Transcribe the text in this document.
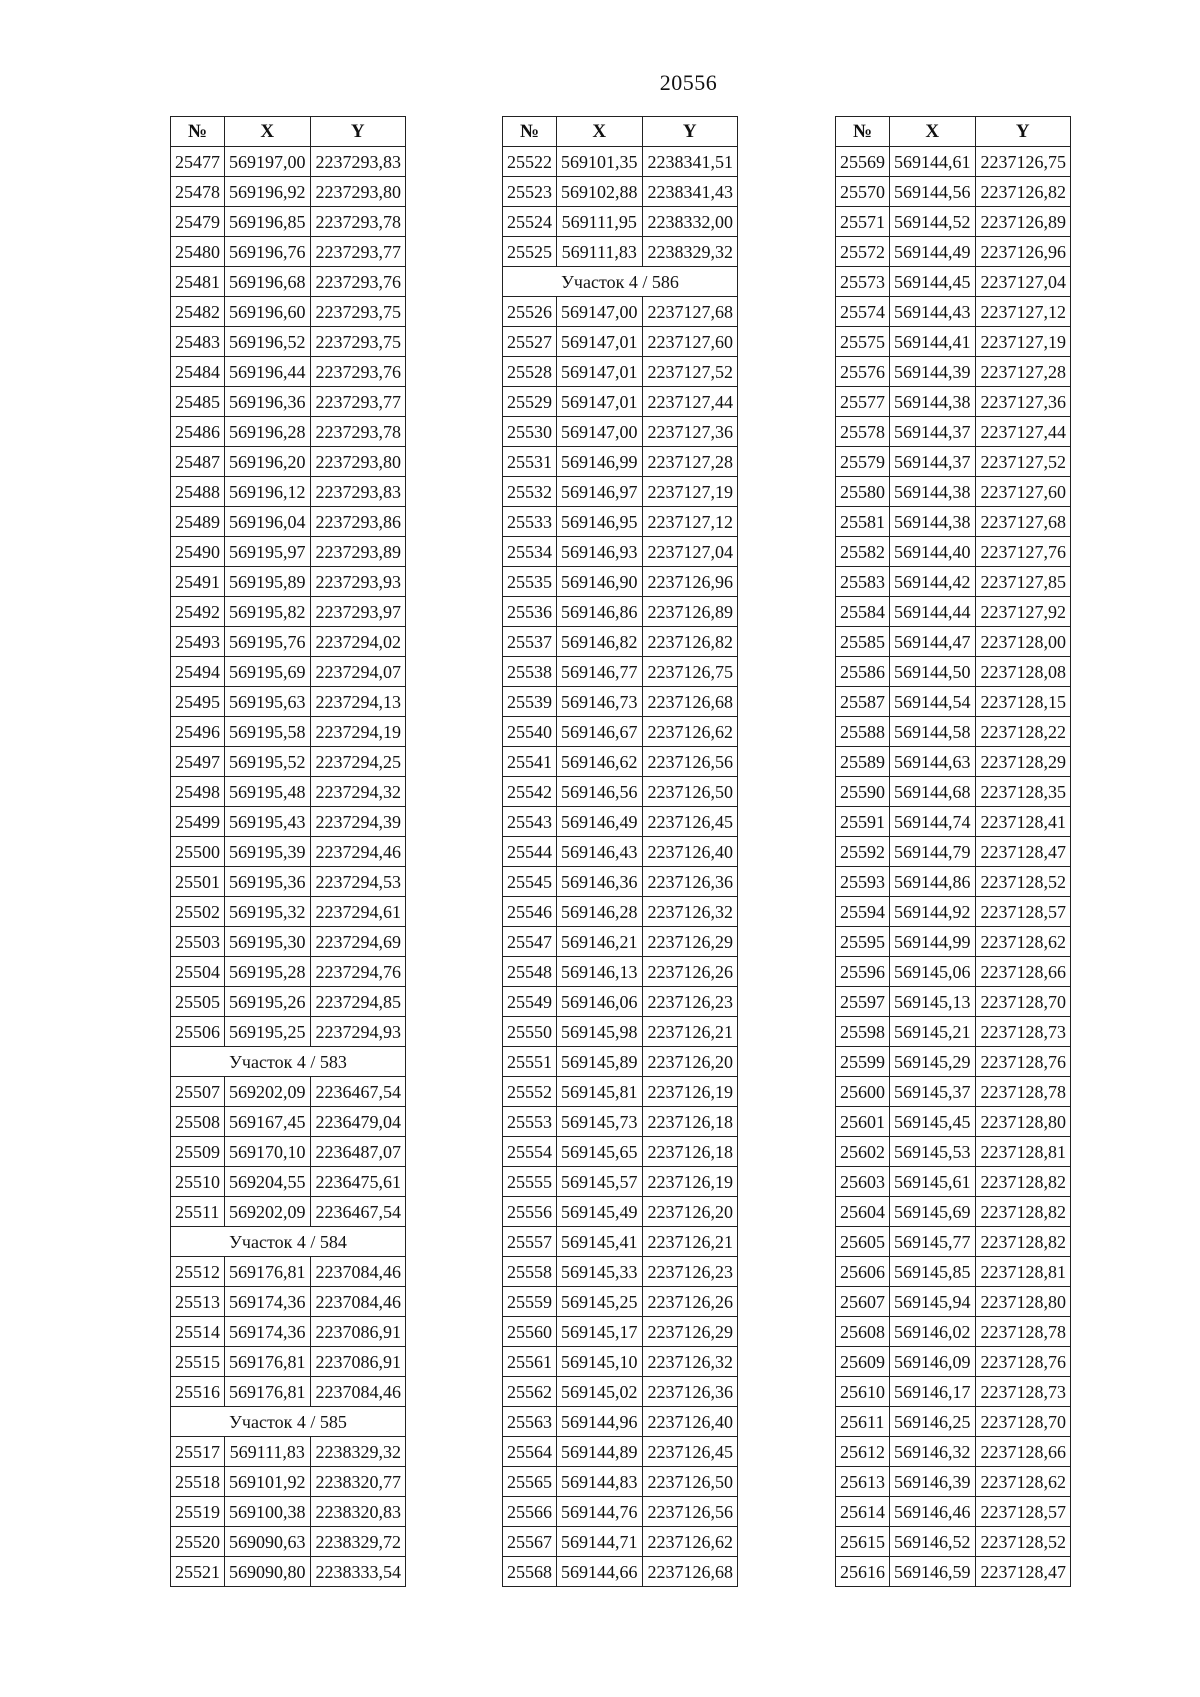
20556
№	X	Y
25477	569197,00	2237293,83
25478	569196,92	2237293,80
25479	569196,85	2237293,78
25480	569196,76	2237293,77
25481	569196,68	2237293,76
25482	569196,60	2237293,75
25483	569196,52	2237293,75
25484	569196,44	2237293,76
25485	569196,36	2237293,77
25486	569196,28	2237293,78
25487	569196,20	2237293,80
25488	569196,12	2237293,83
25489	569196,04	2237293,86
25490	569195,97	2237293,89
25491	569195,89	2237293,93
25492	569195,82	2237293,97
25493	569195,76	2237294,02
25494	569195,69	2237294,07
25495	569195,63	2237294,13
25496	569195,58	2237294,19
25497	569195,52	2237294,25
25498	569195,48	2237294,32
25499	569195,43	2237294,39
25500	569195,39	2237294,46
25501	569195,36	2237294,53
25502	569195,32	2237294,61
25503	569195,30	2237294,69
25504	569195,28	2237294,76
25505	569195,26	2237294,85
25506	569195,25	2237294,93
Участок 4 / 583		
25507	569202,09	2236467,54
25508	569167,45	2236479,04
25509	569170,10	2236487,07
25510	569204,55	2236475,61
25511	569202,09	2236467,54
Участок 4 / 584		
25512	569176,81	2237084,46
25513	569174,36	2237084,46
25514	569174,36	2237086,91
25515	569176,81	2237086,91
25516	569176,81	2237084,46
Участок 4 / 585		
25517	569111,83	2238329,32
25518	569101,92	2238320,77
25519	569100,38	2238320,83
25520	569090,63	2238329,72
25521	569090,80	2238333,54
№	X	Y
25522	569101,35	2238341,51
25523	569102,88	2238341,43
25524	569111,95	2238332,00
25525	569111,83	2238329,32
Участок 4 / 586		
25526	569147,00	2237127,68
25527	569147,01	2237127,60
25528	569147,01	2237127,52
25529	569147,01	2237127,44
25530	569147,00	2237127,36
25531	569146,99	2237127,28
25532	569146,97	2237127,19
25533	569146,95	2237127,12
25534	569146,93	2237127,04
25535	569146,90	2237126,96
25536	569146,86	2237126,89
25537	569146,82	2237126,82
25538	569146,77	2237126,75
25539	569146,73	2237126,68
25540	569146,67	2237126,62
25541	569146,62	2237126,56
25542	569146,56	2237126,50
25543	569146,49	2237126,45
25544	569146,43	2237126,40
25545	569146,36	2237126,36
25546	569146,28	2237126,32
25547	569146,21	2237126,29
25548	569146,13	2237126,26
25549	569146,06	2237126,23
25550	569145,98	2237126,21
25551	569145,89	2237126,20
25552	569145,81	2237126,19
25553	569145,73	2237126,18
25554	569145,65	2237126,18
25555	569145,57	2237126,19
25556	569145,49	2237126,20
25557	569145,41	2237126,21
25558	569145,33	2237126,23
25559	569145,25	2237126,26
25560	569145,17	2237126,29
25561	569145,10	2237126,32
25562	569145,02	2237126,36
25563	569144,96	2237126,40
25564	569144,89	2237126,45
25565	569144,83	2237126,50
25566	569144,76	2237126,56
25567	569144,71	2237126,62
25568	569144,66	2237126,68
№	X	Y
25569	569144,61	2237126,75
25570	569144,56	2237126,82
25571	569144,52	2237126,89
25572	569144,49	2237126,96
25573	569144,45	2237127,04
25574	569144,43	2237127,12
25575	569144,41	2237127,19
25576	569144,39	2237127,28
25577	569144,38	2237127,36
25578	569144,37	2237127,44
25579	569144,37	2237127,52
25580	569144,38	2237127,60
25581	569144,38	2237127,68
25582	569144,40	2237127,76
25583	569144,42	2237127,85
25584	569144,44	2237127,92
25585	569144,47	2237128,00
25586	569144,50	2237128,08
25587	569144,54	2237128,15
25588	569144,58	2237128,22
25589	569144,63	2237128,29
25590	569144,68	2237128,35
25591	569144,74	2237128,41
25592	569144,79	2237128,47
25593	569144,86	2237128,52
25594	569144,92	2237128,57
25595	569144,99	2237128,62
25596	569145,06	2237128,66
25597	569145,13	2237128,70
25598	569145,21	2237128,73
25599	569145,29	2237128,76
25600	569145,37	2237128,78
25601	569145,45	2237128,80
25602	569145,53	2237128,81
25603	569145,61	2237128,82
25604	569145,69	2237128,82
25605	569145,77	2237128,82
25606	569145,85	2237128,81
25607	569145,94	2237128,80
25608	569146,02	2237128,78
25609	569146,09	2237128,76
25610	569146,17	2237128,73
25611	569146,25	2237128,70
25612	569146,32	2237128,66
25613	569146,39	2237128,62
25614	569146,46	2237128,57
25615	569146,52	2237128,52
25616	569146,59	2237128,47
